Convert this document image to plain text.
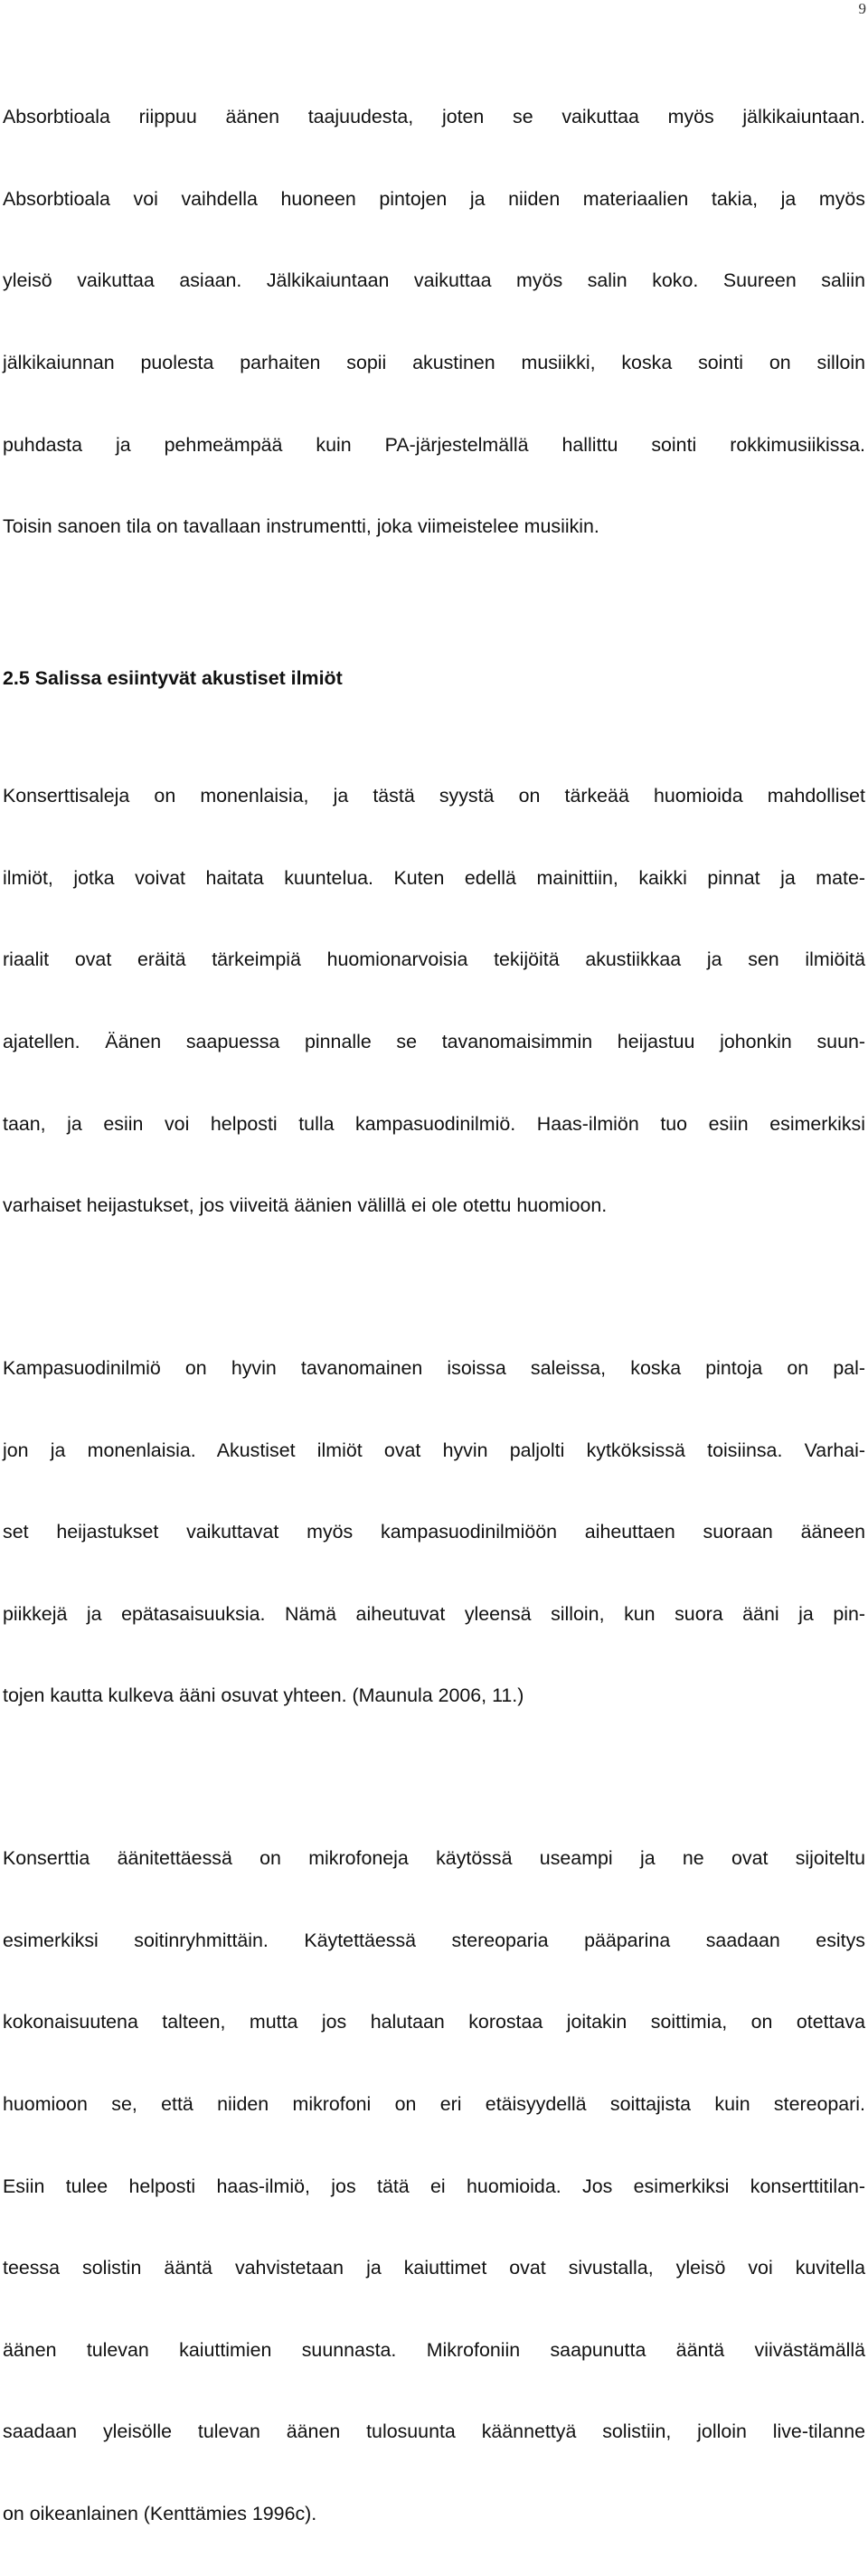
9

Absorbtioala riippuu äänen taajuudesta, joten se vaikuttaa myös jälkikaiuntaan.

Absorbtioala voi vaihdella huoneen pintojen ja niiden materiaalien takia, ja myös

yleisö vaikuttaa asiaan. Jälkikaiuntaan vaikuttaa myös salin koko. Suureen saliin

jälkikaiunnan puolesta parhaiten sopii akustinen musiikki, koska sointi on silloin

puhdasta ja pehmeämpää kuin PA-järjestelmällä hallittu sointi rokkimusiikissa.

Toisin sanoen tila on tavallaan instrumentti, joka viimeistelee musiikin.

2.5 Salissa esiintyvät akustiset ilmiöt

Konserttisaleja on monenlaisia, ja tästä syystä on tärkeää huomioida mahdolliset

ilmiöt, jotka voivat haitata kuuntelua. Kuten edellä mainittiin, kaikki pinnat ja mate-

riaalit ovat eräitä tärkeimpiä huomionarvoisia tekijöitä akustiikkaa ja sen ilmiöitä

ajatellen. Äänen saapuessa pinnalle se tavanomaisimmin heijastuu johonkin suun-

taan, ja esiin voi helposti tulla kampasuodinilmiö. Haas-ilmiön tuo esiin esimerkiksi

varhaiset heijastukset, jos viiveitä äänien välillä ei ole otettu huomioon.

Kampasuodinilmiö on hyvin tavanomainen isoissa saleissa, koska pintoja on pal-

jon ja monenlaisia. Akustiset ilmiöt ovat hyvin paljolti kytköksissä toisiinsa. Varhai-

set heijastukset vaikuttavat myös kampasuodinilmiöön aiheuttaen suoraan ääneen

piikkejä ja epätasaisuuksia. Nämä aiheutuvat yleensä silloin, kun suora ääni ja pin-

tojen kautta kulkeva ääni osuvat yhteen. (Maunula 2006, 11.)

Konserttia äänitettäessä on mikrofoneja käytössä useampi ja ne ovat sijoiteltu

esimerkiksi soitinryhmittäin. Käytettäessä stereoparia pääparina saadaan esitys

kokonaisuutena talteen, mutta jos halutaan korostaa joitakin soittimia, on otettava

huomioon se, että niiden mikrofoni on eri etäisyydellä soittajista kuin stereopari.

Esiin tulee helposti haas-ilmiö, jos tätä ei huomioida. Jos esimerkiksi konserttitilan-

teessa solistin ääntä vahvistetaan ja kaiuttimet ovat sivustalla, yleisö voi kuvitella

äänen tulevan kaiuttimien suunnasta. Mikrofoniin saapunutta ääntä viivästämällä

saadaan yleisölle tulevan äänen tulosuunta käännettyä solistiin, jolloin live-tilanne

on oikeanlainen (Kenttämies 1996c).
